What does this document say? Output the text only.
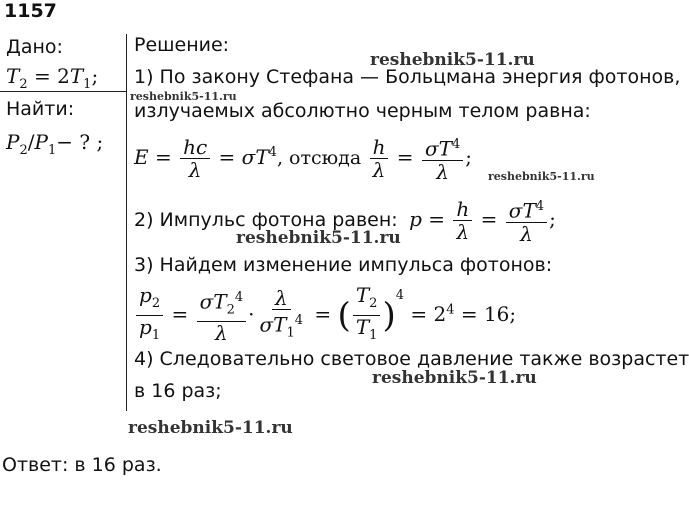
1157
Дано:
$T_2 = 2T_1$;
Найти:
$P_2/P_1-$ ? ;
Решение:
1) По закону Стефана — Больцмана энергия фотонов,
излучаемых абсолютно черным телом равна:
$E = \frac{hc}{\lambda} = \sigma T^4$, отсюда $\frac{h}{\lambda} = \frac{\sigma T^4}{\lambda}$ ;
2) Импульс фотона равен:  $p = \frac{h}{\lambda} = \frac{\sigma T^4}{\lambda}$ ;
3) Найдем изменение импульса фотонов:
$\frac{p_2}{p_1} = \frac{\sigma T_2^4}{\lambda} \cdot \frac{\lambda}{\sigma T_1^4}$ = ( $\frac{T_2}{T_1} )^4 = 2^4 = 16$;
4) Следовательно световое давление также возрастет
в 16 раз;
Ответ: в 16 раз.
reshebnik5-11.ru
reshebnik5-11.ru
reshebnik5-11.ru
reshebnik5-11.ru
reshebnik5-11.ru
reshebnik5-11.ru
